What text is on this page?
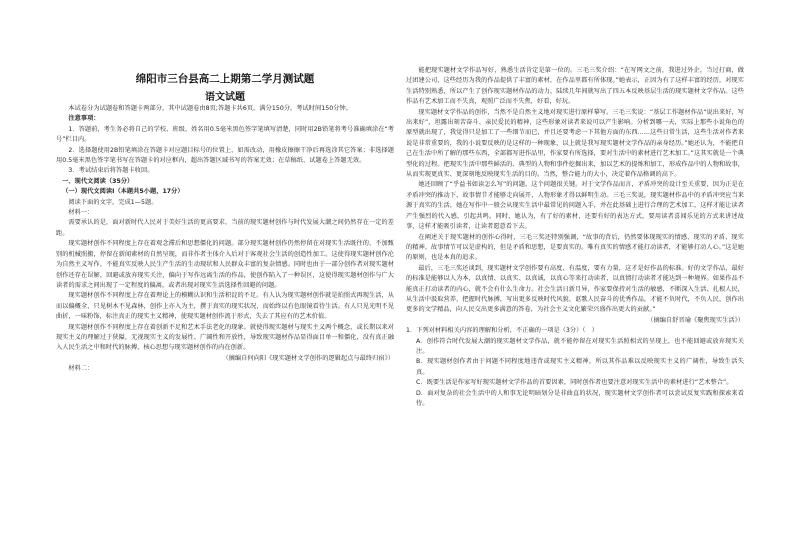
绵阳市三台县高二上期第二学月测试题
语文试题

本试卷分为试题卷和答题卡两部分，其中试题卷由8页;答题卡共6页。满分150分，考试时间150分钟。

注意事项：

1．答题前，考生务必将自己的学校、班级、姓名用0.5毫米黑色签字笔填写清楚，同时用2B铅笔将考号准确填涂在“考号”栏目内。

2．选择题使用2B铅笔填涂在答题卡对应题目标号的位置上，如需改动，用橡皮擦擦干净后再选涂其它答案；非选择题用0.5毫米黑色签字笔书写在答题卡的对应框内，超出答题区域书写的答案无效；在草稿纸、试题卷上答题无效。

3．考试结束后将答题卡收回。

一、现代文阅读（35分）

（一）现代文阅读Ⅰ（本题共5小题，17分）

阅读下面的文字，完成1—5题。

材料一：

需要承认的是，面对新时代人民对于美好生活的更高要求，当前的现实题材创作与时代发展大潮之间仍然存在一定的差距。

现实题材创作不同程度上存在着观念滞后和思想僵化的问题。部分现实题材创作仍然停留在对现实生活既往的、不加甄别的机械照搬，停留在新闻素材的自然呈现，而非作者主体介入后对于客观社会生活的创造性加工。这使得现实题材创作沦为自然主义写作，不能真实反映人民生产生活的生动现状和人民群众丰富的复杂情感。同时也由于一部分创作者对现实题材创作还存在误解，回避或放弃现实关注，偏向于写作远离生活的作品，使创作陷入了一种误区，这使得现实题材创作与广大读者的需求之间出现了一定程度的偏离，或者出现对现实生活选择性回避的问题。

现实题材创作不同程度上存在着理论上的模糊认识和生活积淀的不足。有人认为现实题材创作就是拍照式再现生活，从而以偏概全，只见树木不见森林，创作上亦入为主，撰于真实的现实状况，而始终以有色眼镜看待生活。有人只见光明不见曲折，一味粉饰，标注真正的现实主义精神，使现实题材创作流于形式，失去了其应有的艺术价值。

现实题材创作不同程度上存在着创新不足和艺术手法老化的现象。就使得现实题材与现实主义两个概念，或长期以来对现实主义的理解过于狭隘，无视现实主义的发展性、广阔性和开放性，导致现实题材作品显得面目单一和僵化，没有真正融入人民生活之中和时代的脉搏，核心思想与现实题材创作的内在创新。

（摘编自何向阳《现实题材文学创作的逻辑起点与最终归宿》）

材料二：

能把现实题材文学作品写好，熟悉生活肯定是第一位的。三毛三奖介绍：“在写网文之前，我进过外企，当过打商，做过团建公司，这些经历为我的作品提供了丰富的素材，在作品里都有所体现。”她表示，正因为有了这样丰富的经历，对现实生活特别熟悉，所以产生了创作现实题材作品的动力，陆续几年间就写出了四五本反映基层生活的现实题材文学作品。这些作品有艺术加工而不失真，观照广泛而不失焦，好看，好玩。

现实题材文学作品的创作，当然不是自然主义地对现实进行原样摹写。三毛三奖说：“基层工作题材作品“说出来好，写出来好”，坦露出刻苦奋斗、亲民爱民的精神，这些形象对读者来说可以产生影响。分析到哪一天，实际上那些小说角色的原型就出现了，我觉得只是加工了一些细节而已，并且还要考虑一下其他方面的东西……这些日常生活，这些生活对作者来说是非常重要的，我的小说要反映的是这样的一种现象，以上就是我写现实题材文学作品的亲身经历。”她还认为，不能把自己在生活中所了解的那些东西，全部都写进作品里，作家要有所选择，要对生活中的素材进行艺术加工。”这其实就是一个典型化的过程。把现实生活中那些鲜活的、典型的人物和事件挖掘出来，加以艺术的提炼和加工，形成作品中的人物和故事，从而实现更真实、更深刻地反映现实生活的目的。当然，整合能力的大小，决定着作品格调的高下。

她还回顾了“乎益书如读怎么写”的问题。这个问题很关键。对于文学作品而言，矛盾冲突的设计至关重要，因为正是在矛盾冲突的推动下，故事情节才能够走向展开，人物形象才得以鲜明生动。三毛三奖说，现实题材作品中的矛盾冲突应当来源于真实的生活，她在写作中一般会从现实生活中最常见的问题入手，并在此基础上进行合理的艺术加工，这样才能让读者产生强烈的代入感，引起共鸣。同时，她认为，有了好的素材，还要有好的表达方式，要用读者喜闻乐见的方式来讲述故事，这样才能吸引读者，让读者愿意看下去。

在阐述关于现实题材的创作心得时，三毛三奖还特别强调，“故事的背后，仍然要体现现实的情感、现实的矛盾、现实的精神。故事情节可以是虚构的，但是矛盾和思想，是要真实的。唯有真实的情感才能打动读者，才能够打动人心。”这是她的原则，也是本真的追求。

最后，三毛三奖还谈到，现实题材文学创作要有高度、有温度，要有力量，这才是好作品的标准。好的文学作品，最好的标准是能够以人为本，以真情、以真实、以真诚，以真心等来打动读者，以真情打动读者才能达到一种境界。如果作品不能真正打动读者的内心，就不会有什么生命力。社会生活日新月异，作家要保持对生活的敏感，不断深入生活、扎根人民，从生活中汲取营养，把握时代脉搏，写出更多反映时代风貌、讴歌人民奋斗的优秀作品，才能不负时代，不负人民，创作出更多的文学精品，向人民交出更多满意的答卷，为社会主义文化繁荣兴盛作出更大的贡献。”

（摘编自舒晋瑜《聚焦现实生活》）

1．下列对材料相关内容的理解和分析，不正确的一项是（3分）（　）

A．创作符合时代发展大潮的现实题材文学作品，就不能停留在对现实生活照相式的呈现上，也不能回避或放弃现实关注。

B．现实题材创作者由于问题不同程度地违背或现实主义精神，所以其作品难以反映现实主义的广阔性，导致生活失真。

C．既要生活是作家写好现实题材文学作品的首要因素，同时创作者也要注意对现实生活中的素材进行“艺术整合”。

D．面对复杂的社会生活中的人和事无论明暗划分是非曲直的状况，现实题材文学创作者可以尝试反复实践和探索来看待。
